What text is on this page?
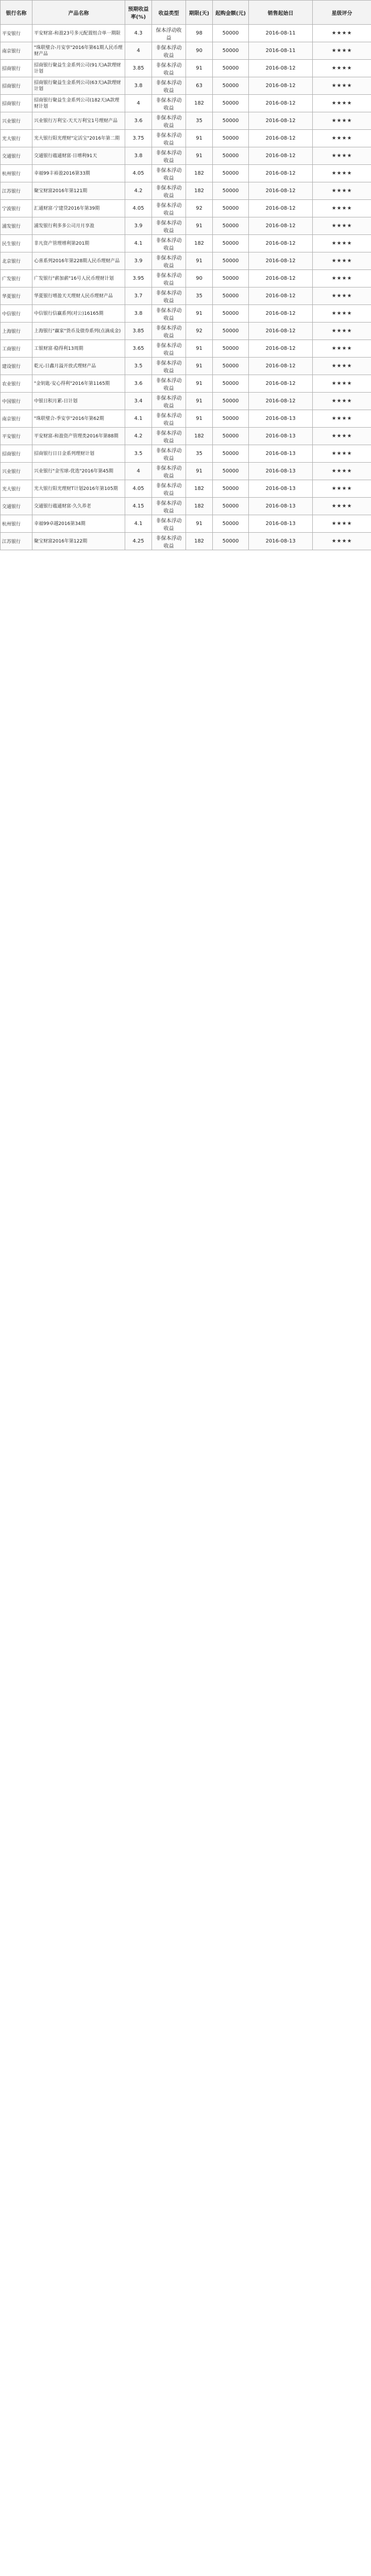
银行名称	产品名称	预期收益率(%)	收益类型	期限(天)	起购金额(元)	销售起始日	星级评分
平安银行	平安财富-和盈23号多元配置组合单一期限	4.3	保本浮动收益	98	50000	2016-08-11	★★★★
南京银行	"珠联璧合-月安享"2016年第61期人民币理财产品	4	非保本浮动收益	90	50000	2016-08-11	★★★★
招商银行	招商银行聚益生金系列公司(91天)A款理财计划	3.85	非保本浮动收益	91	50000	2016-08-12	★★★★
招商银行	招商银行聚益生金系列公司(63天)A款理财计划	3.8	非保本浮动收益	63	50000	2016-08-12	★★★★
招商银行	招商银行聚益生金系列公司(182天)A款理财计划	4	非保本浮动收益	182	50000	2016-08-12	★★★★
兴业银行	兴业银行万利宝-天天万利宝1号理财产品	3.6	非保本浮动收益	35	50000	2016-08-12	★★★★
光大银行	光大银行阳光理财"定活宝"2016年第二期	3.75	非保本浮动收益	91	50000	2016-08-12	★★★★
交通银行	交通银行蕴通财富·日增利91天	3.8	非保本浮动收益	91	50000	2016-08-12	★★★★
杭州银行	幸福99丰裕盈2016第33期	4.05	非保本浮动收益	182	50000	2016-08-12	★★★★
江苏银行	聚宝财富2016年第121期	4.2	非保本浮动收益	182	50000	2016-08-12	★★★★
宁波银行	汇通财富·宁建贷2016年第39期	4.05	非保本浮动收益	92	50000	2016-08-12	★★★★
浦发银行	浦发银行利多多公司月月享盈	3.9	非保本浮动收益	91	50000	2016-08-12	★★★★
民生银行	非凡资产管理增利第201期	4.1	非保本浮动收益	182	50000	2016-08-12	★★★★
北京银行	心喜系列2016年第228期人民币理财产品	3.9	非保本浮动收益	91	50000	2016-08-12	★★★★
广发银行	广发银行"薪加薪"16号人民币理财计划	3.95	非保本浮动收益	90	50000	2016-08-12	★★★★
华夏银行	华夏银行增盈天天理财人民币理财产品	3.7	非保本浮动收益	35	50000	2016-08-12	★★★★
中信银行	中信银行信赢系列(对公)16165期	3.8	非保本浮动收益	91	50000	2016-08-12	★★★★
上海银行	上海银行"赢家"货币及债券系列(点滴成金)	3.85	非保本浮动收益	92	50000	2016-08-12	★★★★
工商银行	工银财富·稳得利13周期	3.65	非保本浮动收益	91	50000	2016-08-12	★★★★
建设银行	乾元-日鑫月溢开放式理财产品	3.5	非保本浮动收益	91	50000	2016-08-12	★★★★
农业银行	"金钥匙·安心得利"2016年第1165期	3.6	非保本浮动收益	91	50000	2016-08-12	★★★★
中国银行	中银日积月累-日计划	3.4	非保本浮动收益	91	50000	2016-08-12	★★★★
南京银行	"珠联璧合-季安享"2016年第62期	4.1	非保本浮动收益	91	50000	2016-08-13	★★★★
平安银行	平安财富-和盈资产管理类2016年第88期	4.2	非保本浮动收益	182	50000	2016-08-13	★★★★
招商银行	招商银行日日金系列理财计划	3.5	非保本浮动收益	35	50000	2016-08-13	★★★★
兴业银行	兴业银行"金雪球-优选"2016年第45期	4	非保本浮动收益	91	50000	2016-08-13	★★★★
光大银行	光大银行阳光理财T计划2016年第105期	4.05	非保本浮动收益	182	50000	2016-08-13	★★★★
交通银行	交通银行蕴通财富·久久养老	4.15	非保本浮动收益	182	50000	2016-08-13	★★★★
杭州银行	幸福99卓越2016第34期	4.1	非保本浮动收益	91	50000	2016-08-13	★★★★
江苏银行	聚宝财富2016年第122期	4.25	非保本浮动收益	182	50000	2016-08-13	★★★★
